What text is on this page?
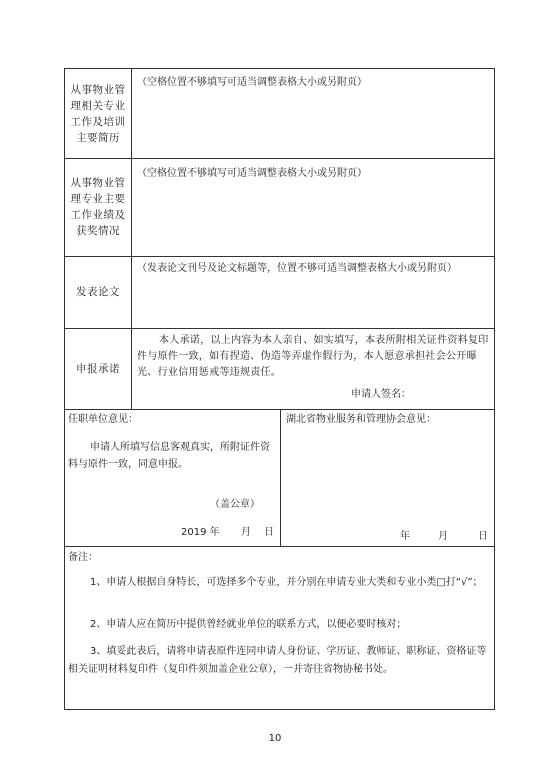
从事物业管
理相关专业
工作及培训
主要简历
（空格位置不够填写可适当调整表格大小或另附页）
从事物业管
理专业主要
工作业绩及
获奖情况
（空格位置不够填写可适当调整表格大小或另附页）
发表论文
（发表论文刊号及论文标题等，位置不够可适当调整表格大小或另附页）
申报承诺
本人承诺，以上内容为本人亲自、如实填写，本表所附相关证件资料复印件与原件一致，如有捏造、伪造等弄虚作假行为，本人愿意承担社会公开曝光、行业信用惩戒等违规责任。
申请人签名：
任职单位意见：
申请人所填写信息客观真实，所附证件资料与原件一致，同意申报。
（盖公章）
2019 年 月 日
湖北省物业服务和管理协会意见：
年	月	日
备注：
1、申请人根据自身特长，可选择多个专业，并分别在申请专业大类和专业小类□打“√”；
2、申请人应在简历中提供曾经就业单位的联系方式，以便必要时核对；
3、填妥此表后，请将申请表原件连同申请人身份证、学历证、教师证、职称证、资格证等相关证明材料复印件（复印件须加盖企业公章），一并寄往省物协秘书处。
10
